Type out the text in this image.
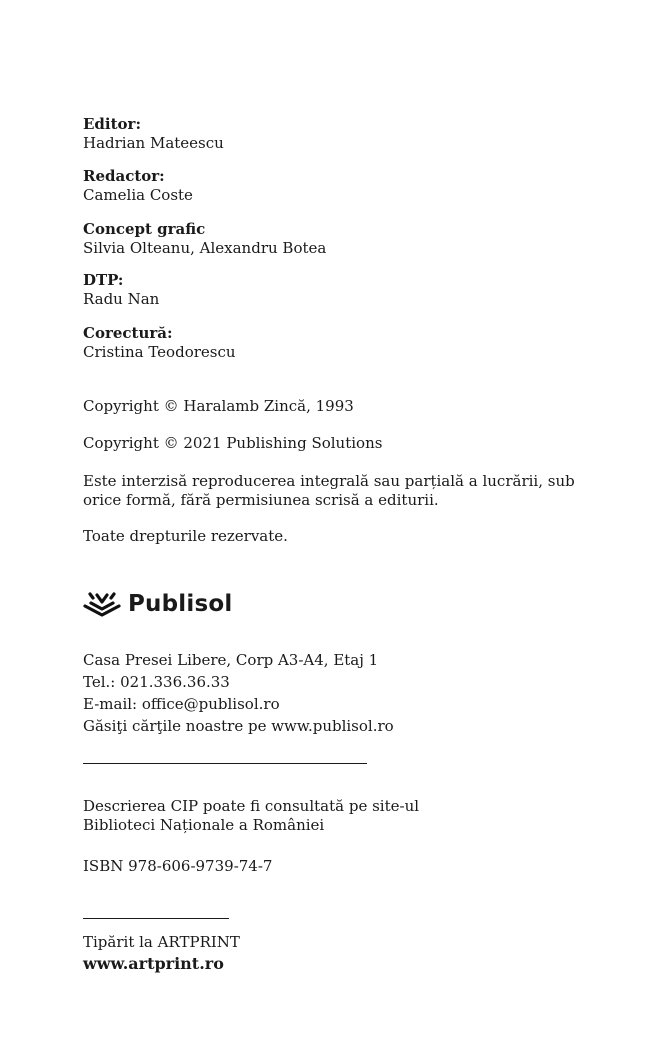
Editor:
Hadrian Mateescu
Redactor:
Camelia Coste
Concept grafic
Silvia Olteanu, Alexandru Botea
DTP:
Radu Nan
Corectură:
Cristina Teodorescu
Copyright © Haralamb Zincă, 1993
Copyright © 2021 Publishing Solutions
Este interzisă reproducerea integrală sau parțială a lucrării, sub
orice formă, fără permisiunea scrisă a editurii.
Toate drepturile rezervate.
Publisol
Casa Presei Libere, Corp A3-A4, Etaj 1
Tel.: 021.336.36.33
E-mail: office@publisol.ro
Găsiţi cărţile noastre pe www.publisol.ro
Descrierea CIP poate fi consultată pe site-ul
Biblioteci Naționale a României
ISBN 978-606-9739-74-7
Tipărit la ARTPRINT
www.artprint.ro
